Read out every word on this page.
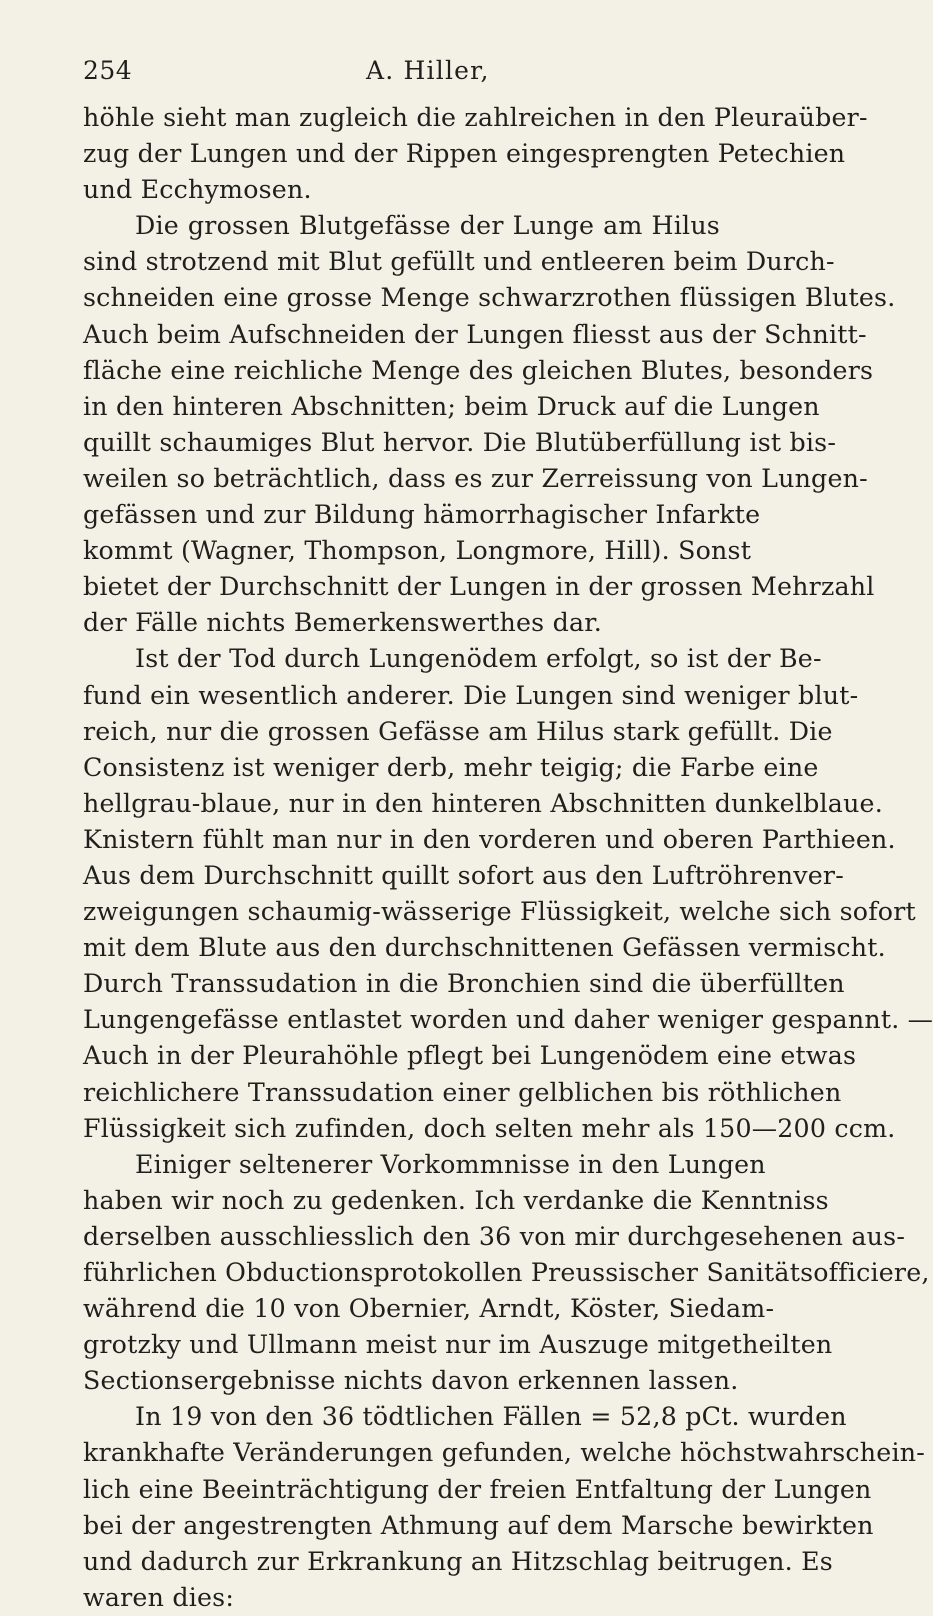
254	A. Hiller,
höhle sieht man zugleich die zahlreichen in den Pleuraüber-
zug der Lungen und der Rippen eingesprengten Petechien
und Ecchymosen.
Die grossen Blutgefässe der Lunge am Hilus
sind strotzend mit Blut gefüllt und entleeren beim Durch-
schneiden eine grosse Menge schwarzrothen flüssigen Blutes.
Auch beim Aufschneiden der Lungen fliesst aus der Schnitt-
fläche eine reichliche Menge des gleichen Blutes, besonders
in den hinteren Abschnitten; beim Druck auf die Lungen
quillt schaumiges Blut hervor. Die Blutüberfüllung ist bis-
weilen so beträchtlich, dass es zur Zerreissung von Lungen-
gefässen und zur Bildung hämorrhagischer Infarkte
kommt (Wagner, Thompson, Longmore, Hill). Sonst
bietet der Durchschnitt der Lungen in der grossen Mehrzahl
der Fälle nichts Bemerkenswerthes dar.
Ist der Tod durch Lungenödem erfolgt, so ist der Be-
fund ein wesentlich anderer. Die Lungen sind weniger blut-
reich, nur die grossen Gefässe am Hilus stark gefüllt. Die
Consistenz ist weniger derb, mehr teigig; die Farbe eine
hellgrau-blaue, nur in den hinteren Abschnitten dunkelblaue.
Knistern fühlt man nur in den vorderen und oberen Parthieen.
Aus dem Durchschnitt quillt sofort aus den Luftröhrenver-
zweigungen schaumig-wässerige Flüssigkeit, welche sich sofort
mit dem Blute aus den durchschnittenen Gefässen vermischt.
Durch Transsudation in die Bronchien sind die überfüllten
Lungengefässe entlastet worden und daher weniger gespannt. —
Auch in der Pleurahöhle pflegt bei Lungenödem eine etwas
reichlichere Transsudation einer gelblichen bis röthlichen
Flüssigkeit sich zufinden, doch selten mehr als 150—200 ccm.
Einiger seltenerer Vorkommnisse in den Lungen
haben wir noch zu gedenken. Ich verdanke die Kenntniss
derselben ausschliesslich den 36 von mir durchgesehenen aus-
führlichen Obductionsprotokollen Preussischer Sanitätsofficiere,
während die 10 von Obernier, Arndt, Köster, Siedam-
grotzky und Ullmann meist nur im Auszuge mitgetheilten
Sectionsergebnisse nichts davon erkennen lassen.
In 19 von den 36 tödtlichen Fällen = 52,8 pCt. wurden
krankhafte Veränderungen gefunden, welche höchstwahrschein-
lich eine Beeinträchtigung der freien Entfaltung der Lungen
bei der angestrengten Athmung auf dem Marsche bewirkten
und dadurch zur Erkrankung an Hitzschlag beitrugen. Es
waren dies:
